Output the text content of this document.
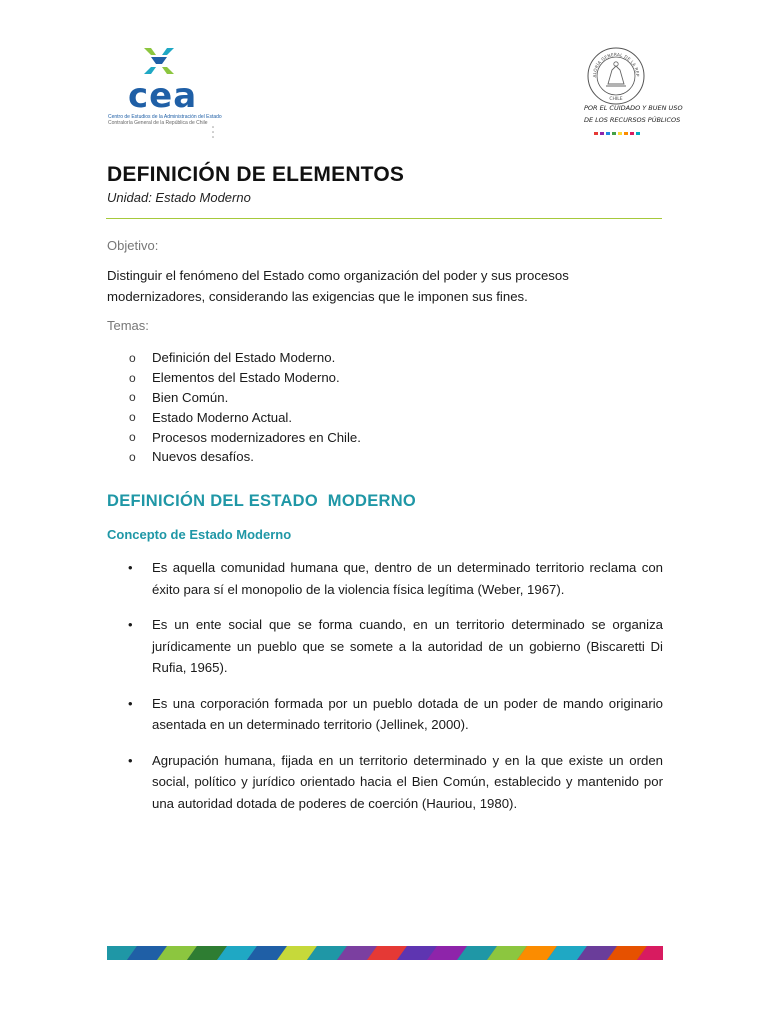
cea
Centro de Estudios de la Administración del Estado
Contraloría General de la República de Chile
ALORÍA GENERAL DE LA REP
CHILE
POR EL CUIDADO Y BUEN USO
DE LOS RECURSOS PÚBLICOS
DEFINICIÓN DE ELEMENTOS
Unidad: Estado Moderno
Objetivo:
Distinguir el fenómeno del Estado como organización del poder y sus procesos modernizadores, considerando las exigencias que le imponen sus fines.
Temas:
o	Definición del Estado Moderno.
o	Elementos del Estado Moderno.
o	Bien Común.
o	Estado Moderno Actual.
o	Procesos modernizadores en Chile.
o	Nuevos desafíos.
DEFINICIÓN DEL ESTADO  MODERNO
Concepto de Estado Moderno
•	Es aquella comunidad humana que, dentro de un determinado territorio reclama con éxito para sí el monopolio de la violencia física legítima (Weber, 1967).
•	Es un ente social que se forma cuando, en un territorio determinado se organiza jurídicamente un pueblo que se somete a la autoridad de un gobierno (Biscaretti Di Rufia, 1965).
•	Es una corporación formada por un pueblo dotada de un poder de mando originario asentada en un determinado territorio (Jellinek, 2000).
•	Agrupación humana, fijada en un territorio determinado y en la que existe un orden social, político y jurídico orientado hacia el Bien Común, establecido y mantenido por una autoridad dotada de poderes de coerción (Hauriou, 1980).
